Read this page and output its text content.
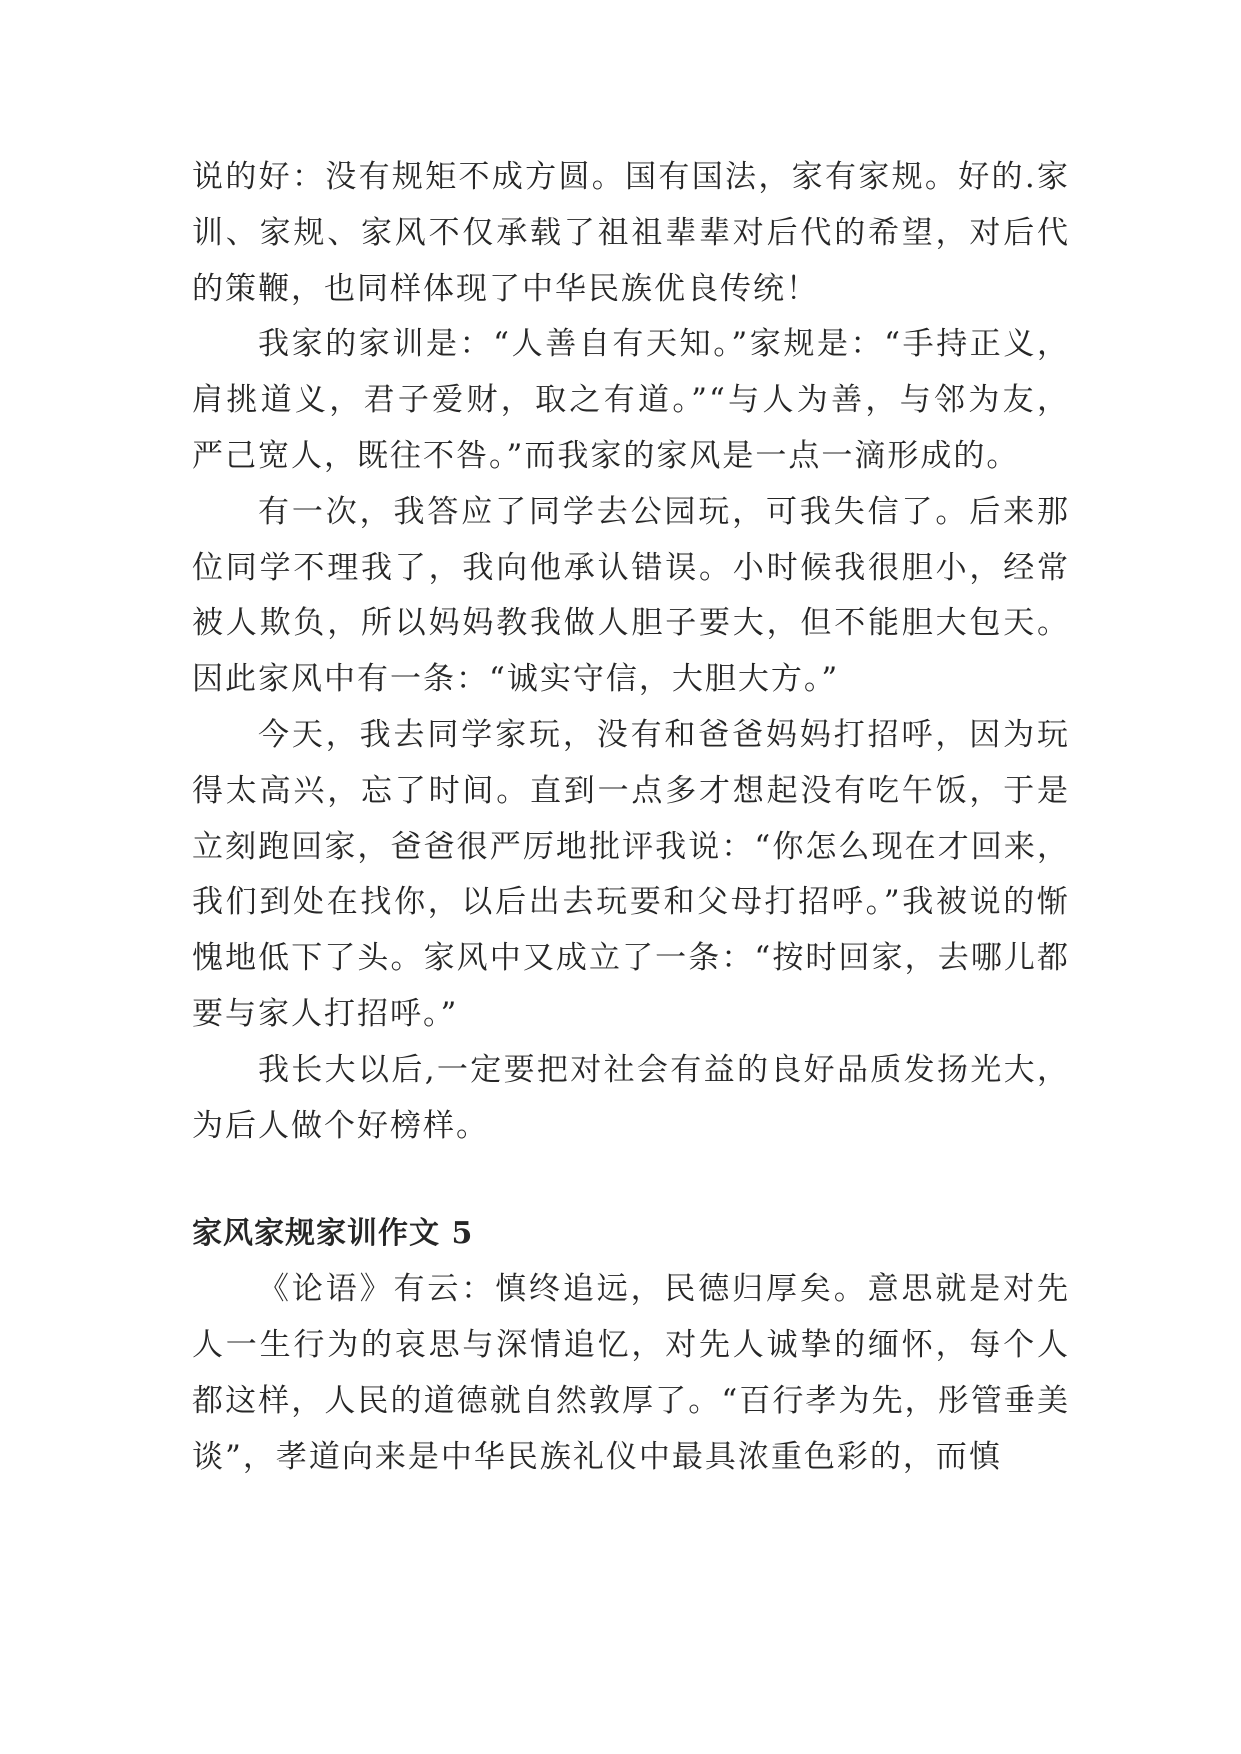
说的好：没有规矩不成方圆。国有国法，家有家规。好的.家训、家规、家风不仅承载了祖祖辈辈对后代的希望，对后代的策鞭，也同样体现了中华民族优良传统！

我家的家训是：“人善自有天知。”家规是：“手持正义，肩挑道义，君子爱财，取之有道。”“与人为善，与邻为友，严己宽人，既往不咎。”而我家的家风是一点一滴形成的。

有一次，我答应了同学去公园玩，可我失信了。后来那位同学不理我了，我向他承认错误。小时候我很胆小，经常被人欺负，所以妈妈教我做人胆子要大，但不能胆大包天。因此家风中有一条：“诚实守信，大胆大方。”

今天，我去同学家玩，没有和爸爸妈妈打招呼，因为玩得太高兴，忘了时间。直到一点多才想起没有吃午饭，于是立刻跑回家，爸爸很严厉地批评我说：“你怎么现在才回来，我们到处在找你，以后出去玩要和父母打招呼。”我被说的惭愧地低下了头。家风中又成立了一条：“按时回家，去哪儿都要与家人打招呼。”

我长大以后,一定要把对社会有益的良好品质发扬光大，为后人做个好榜样。

家风家规家训作文 5

《论语》有云：慎终追远，民德归厚矣。意思就是对先人一生行为的哀思与深情追忆，对先人诚挚的缅怀，每个人都这样，人民的道德就自然敦厚了。“百行孝为先，彤管垂美谈”，孝道向来是中华民族礼仪中最具浓重色彩的，而慎
